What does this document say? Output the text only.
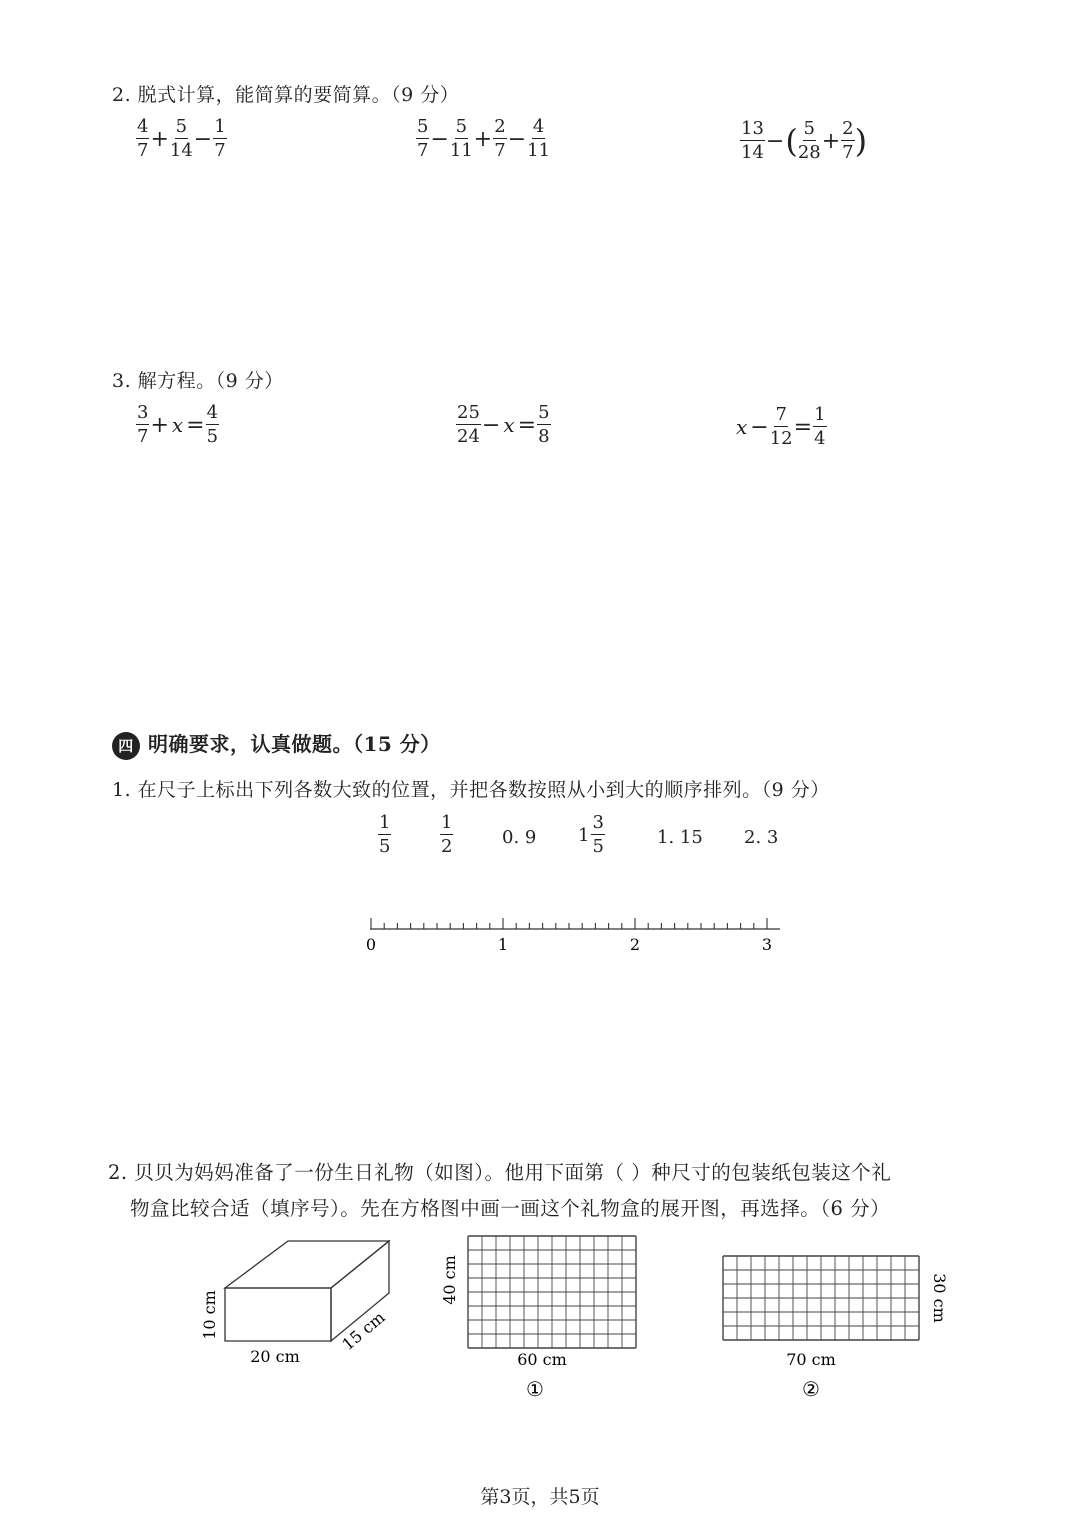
2. 脱式计算，能简算的要简算。（9 分）
$\frac{4}{7} + \frac{5}{14} - \frac{1}{7}$	$\frac{5}{7} - \frac{5}{11} + \frac{2}{7} - \frac{4}{11}$	$\frac{13}{14}$ − ( $\frac{5}{28} + \frac{2}{7}$ )
3. 解方程。（9 分）
$\frac{3}{7} + x = \frac{4}{5}$	$\frac{25}{24} - x = \frac{5}{8}$	$x - \frac{7}{12} = \frac{1}{4}$
四 明确要求，认真做题。（15 分）
1. 在尺子上标出下列各数大致的位置，并把各数按照从小到大的顺序排列。（9 分）
$\frac{1}{5}$	$\frac{1}{2}$	0. 9 $1 \frac{3}{5}$	1. 15 2. 3
0	1	2	3
2. 贝贝为妈妈准备了一份生日礼物（如图）。他用下面第（ ）种尺寸的包装纸包装这个礼
物盒比较合适（填序号）。先在方格图中画一画这个礼物盒的展开图，再选择。（6 分）
10 cm
20 cm
15 cm
40 cm
60 cm
①
30 cm
70 cm
②
第3页，共5页
